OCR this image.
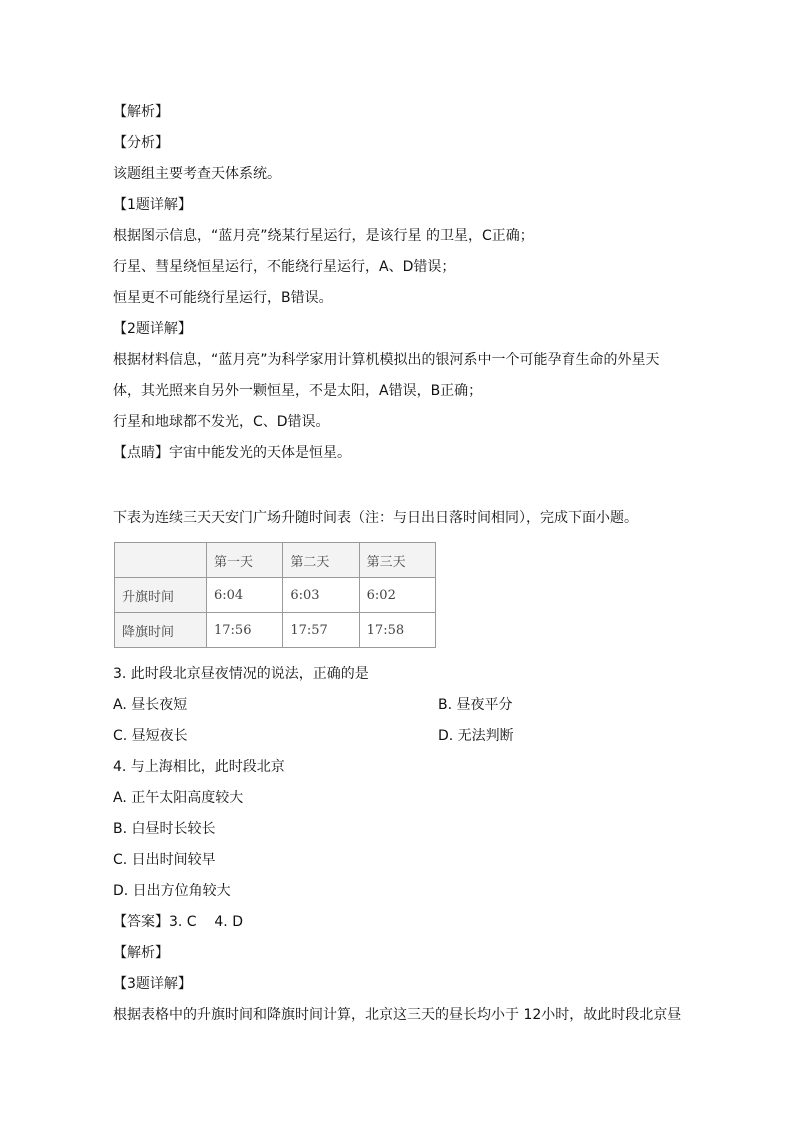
【解析】
【分析】
该题组主要考查天体系统。
【1题详解】
根据图示信息，“蓝月亮”绕某行星运行，是该行星 的卫星，C正确；
行星、彗星绕恒星运行，不能绕行星运行，A、D错误；
恒星更不可能绕行星运行，B错误。
【2题详解】
根据材料信息，“蓝月亮”为科学家用计算机模拟出的银河系中一个可能孕育生命的外星天
体，其光照来自另外一颗恒星，不是太阳，A错误，B正确；
行星和地球都不发光，C、D错误。
【点睛】宇宙中能发光的天体是恒星。
下表为连续三天天安门广场升随时间表（注：与日出日落时间相同），完成下面小题。
	第一天	第二天	第三天
升旗时间	6:04	6:03	6:02
降旗时间	17:56	17:57	17:58
3. 此时段北京昼夜情况的说法，正确的是
A. 昼长夜短	B. 昼夜平分
C. 昼短夜长	D. 无法判断
4. 与上海相比，此时段北京
A. 正午太阳高度较大
B. 白昼时长较长
C. 日出时间较早
D. 日出方位角较大
【答案】3. C    4. D
【解析】
【3题详解】
根据表格中的升旗时间和降旗时间计算，北京这三天的昼长均小于 12小时，故此时段北京昼
